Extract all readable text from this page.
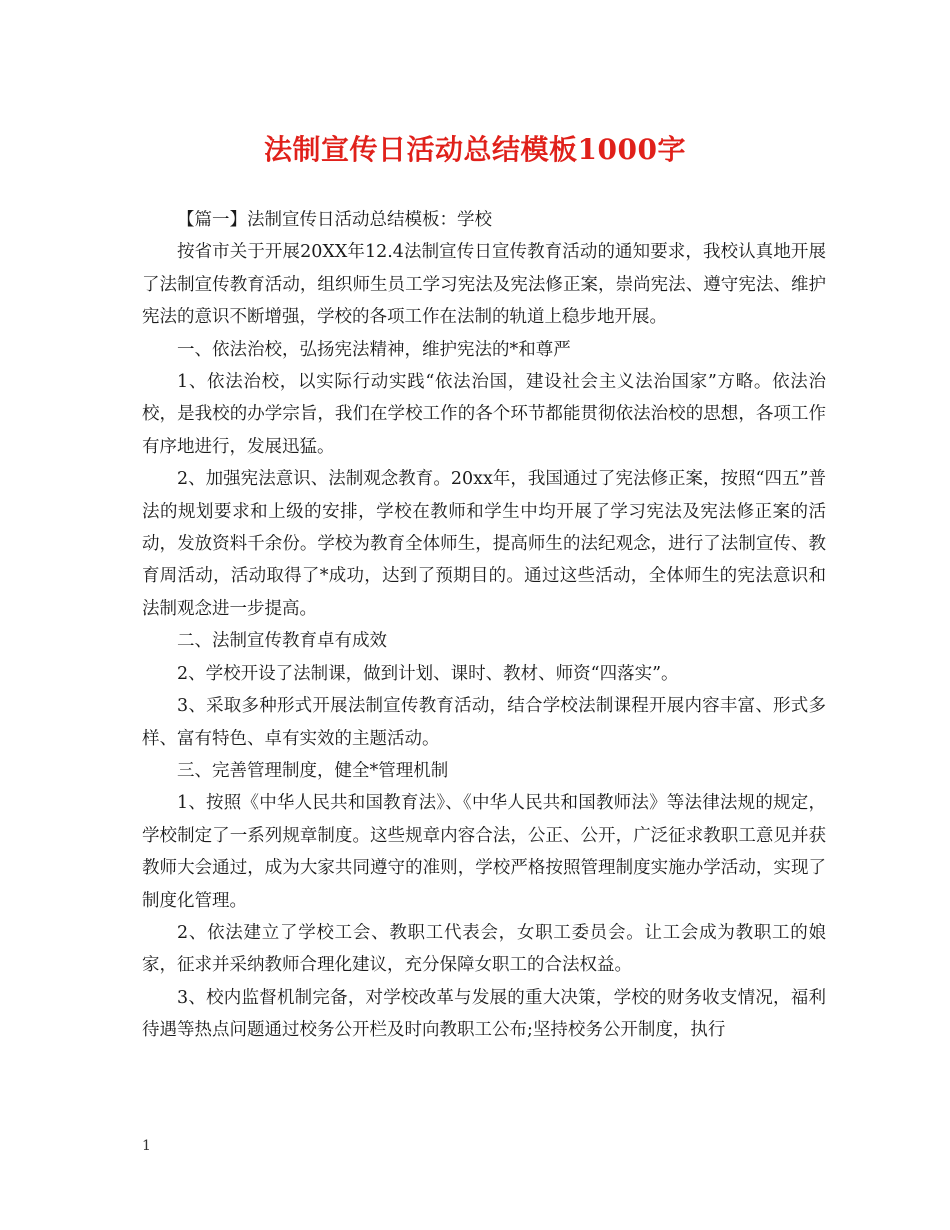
法制宣传日活动总结模板1000字

【篇一】法制宣传日活动总结模板：学校

按省市关于开展20XX年12.4法制宣传日宣传教育活动的通知要求，我校认真地开展了法制宣传教育活动，组织师生员工学习宪法及宪法修正案，崇尚宪法、遵守宪法、维护宪法的意识不断增强，学校的各项工作在法制的轨道上稳步地开展。

一、依法治校，弘扬宪法精神，维护宪法的*和尊严

1、依法治校，以实际行动实践“依法治国，建设社会主义法治国家”方略。依法治校，是我校的办学宗旨，我们在学校工作的各个环节都能贯彻依法治校的思想，各项工作有序地进行，发展迅猛。

2、加强宪法意识、法制观念教育。20xx年，我国通过了宪法修正案，按照“四五”普法的规划要求和上级的安排，学校在教师和学生中均开展了学习宪法及宪法修正案的活动，发放资料千余份。学校为教育全体师生，提高师生的法纪观念，进行了法制宣传、教育周活动，活动取得了*成功，达到了预期目的。通过这些活动，全体师生的宪法意识和法制观念进一步提高。

二、法制宣传教育卓有成效

2、学校开设了法制课，做到计划、课时、教材、师资“四落实”。

3、采取多种形式开展法制宣传教育活动，结合学校法制课程开展内容丰富、形式多样、富有特色、卓有实效的主题活动。

三、完善管理制度，健全*管理机制

1、按照《中华人民共和国教育法》、《中华人民共和国教师法》等法律法规的规定，学校制定了一系列规章制度。这些规章内容合法，公正、公开，广泛征求教职工意见并获教师大会通过，成为大家共同遵守的准则，学校严格按照管理制度实施办学活动，实现了制度化管理。

2、依法建立了学校工会、教职工代表会，女职工委员会。让工会成为教职工的娘家，征求并采纳教师合理化建议，充分保障女职工的合法权益。

3、校内监督机制完备，对学校改革与发展的重大决策，学校的财务收支情况，福利待遇等热点问题通过校务公开栏及时向教职工公布;坚持校务公开制度，执行

1
